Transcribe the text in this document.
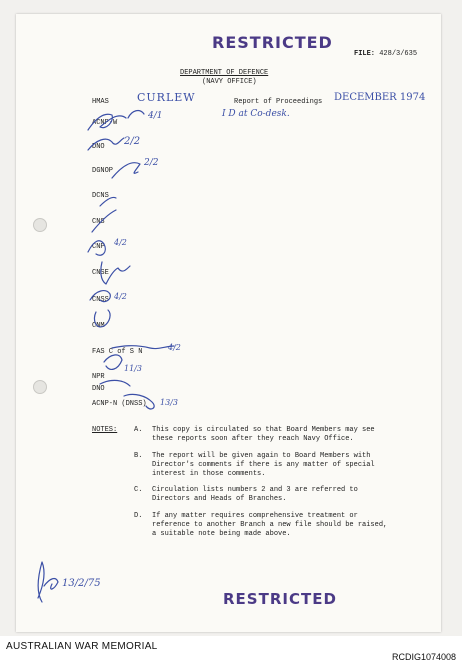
RESTRICTED
FILE: 428/3/635
DEPARTMENT OF DEFENCE
(NAVY OFFICE)
HMAS	CURLEW	Report of Proceedings DECEMBER 1974
I D at Co-desk.
ACNP-W
DNO
DGNOP
DCNS
CNS
CNP
CNSE
CNSS
CNM
FAS C of S N
NPR
DNO
ACNP-N (DNSS)
4/1
2/2
2/2
4/2
4/2
4/2
11/3
13/3
NOTES: A. This copy is circulated so that Board Members may see
these reports soon after they reach Navy Office.
B. The report will be given again to Board Members with
Director's comments if there is any matter of special
interest in those comments.
C. Circulation lists numbers 2 and 3 are referred to
Directors and Heads of Branches.
D. If any matter requires comprehensive treatment or
reference to another Branch a new file should be raised,
a suitable note being made above.
13/2/75
RESTRICTED
AUSTRALIAN WAR MEMORIAL
RCDIG1074008
